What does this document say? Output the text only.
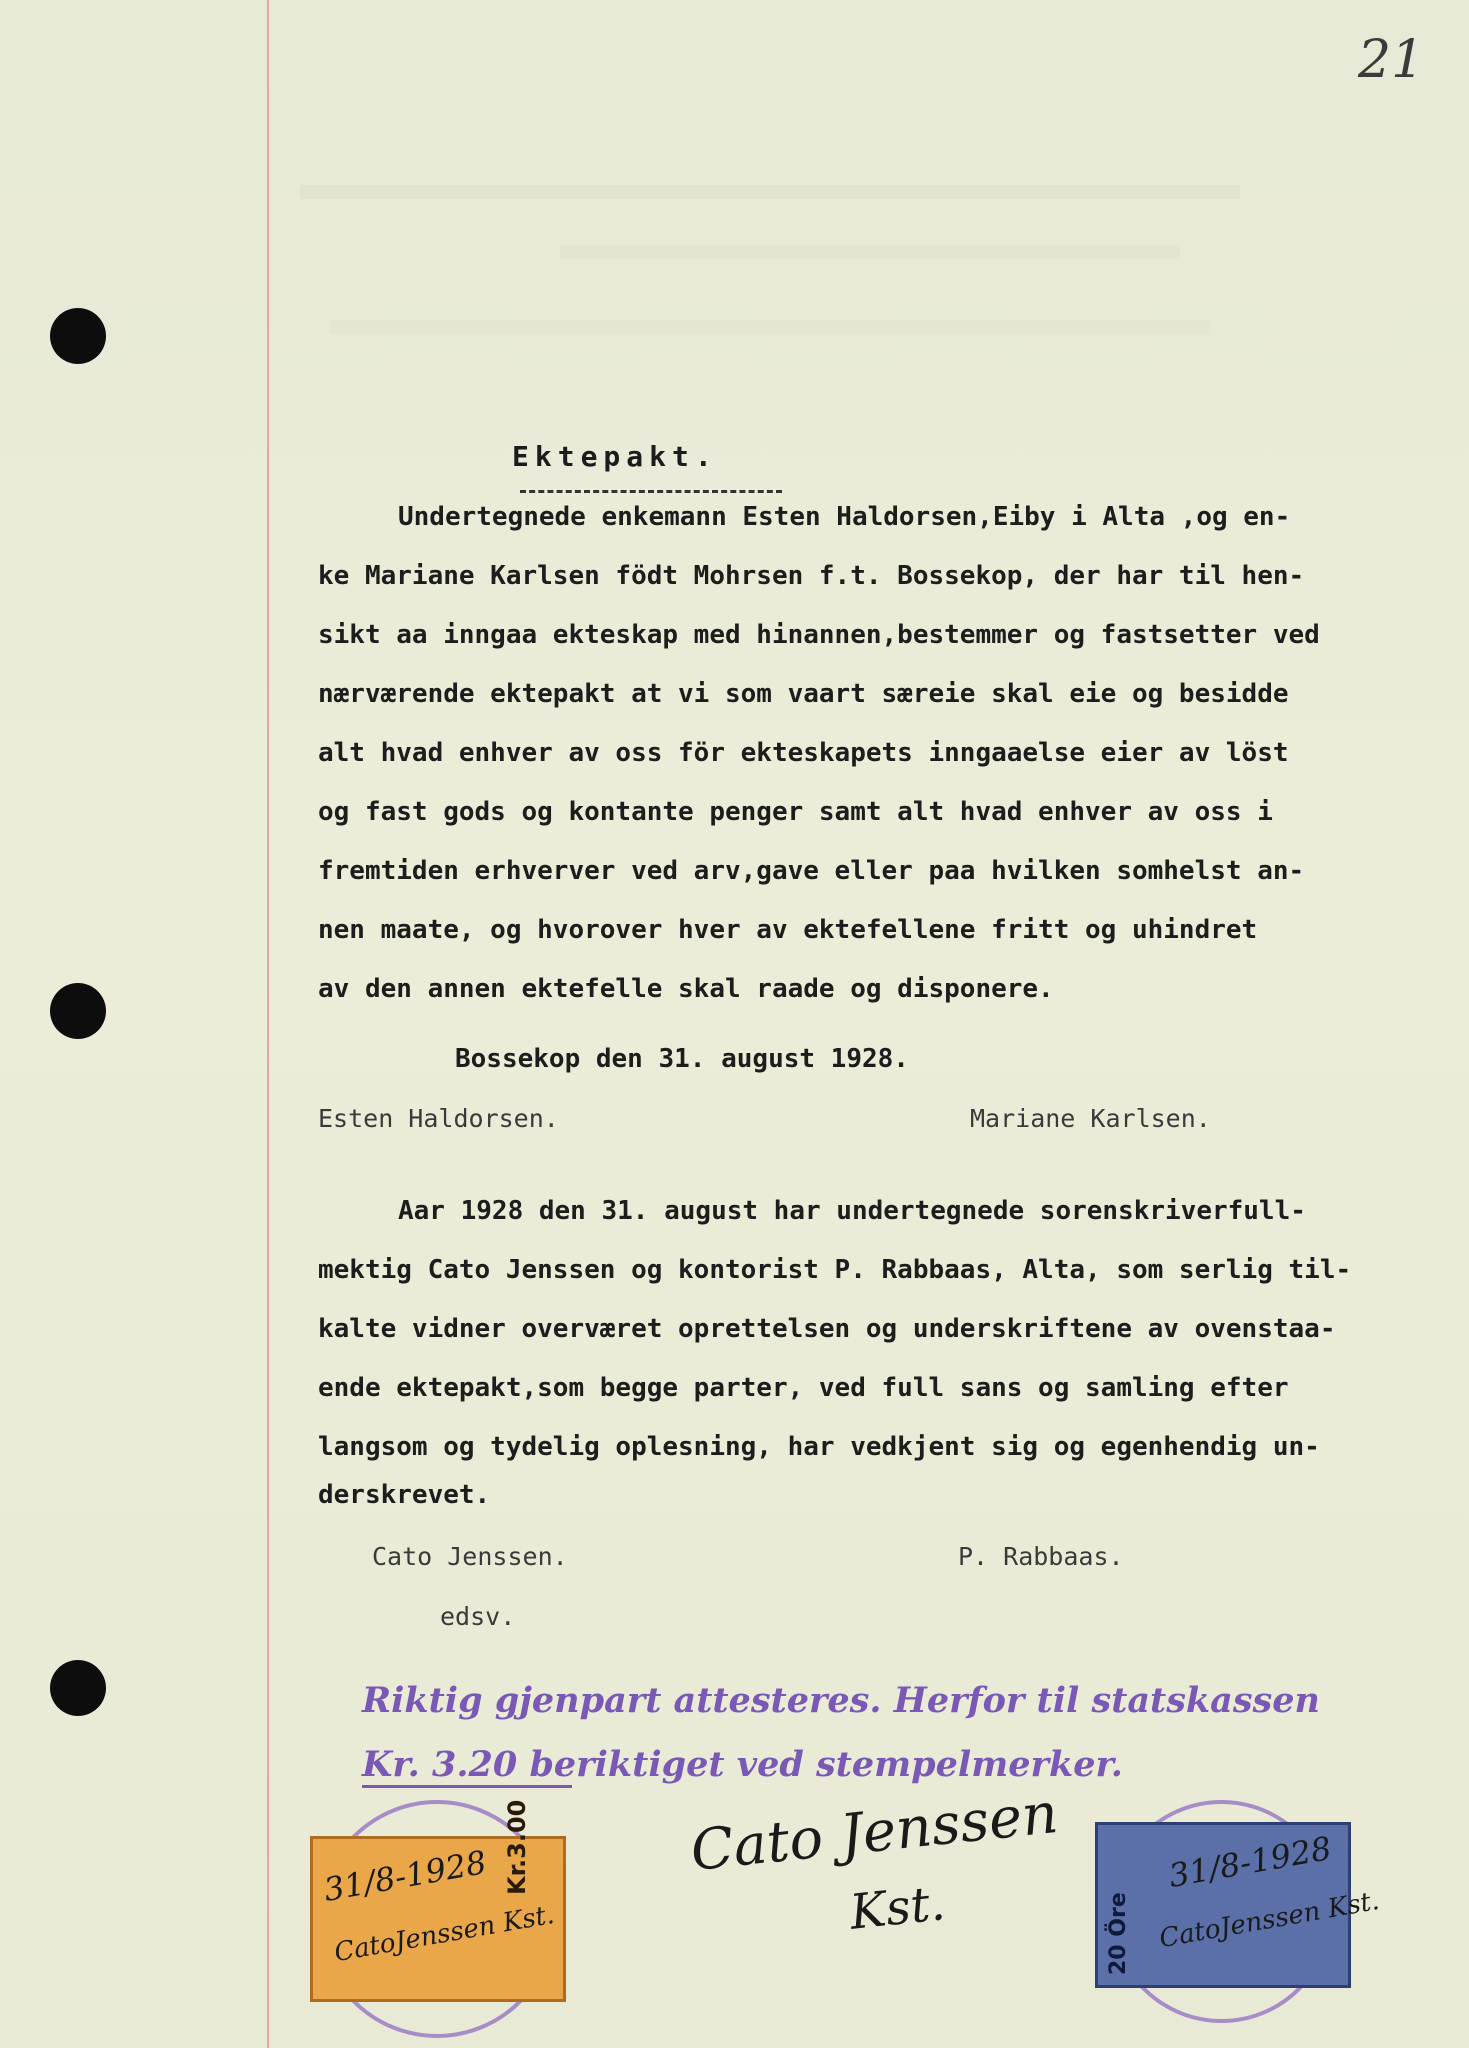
21
Ektepakt.
Undertegnede enkemann Esten Haldorsen,Eiby i Alta ,og en-
ke Mariane Karlsen födt Mohrsen f.t. Bossekop, der har til hen-
sikt aa inngaa ekteskap med hinannen,bestemmer og fastsetter ved
nærværende ektepakt at vi som vaart særeie skal eie og besidde
alt hvad enhver av oss för ekteskapets inngaaelse eier av löst
og fast gods og kontante penger samt alt hvad enhver av oss i
fremtiden erhverver ved arv,gave eller paa hvilken somhelst an-
nen maate, og hvorover hver av ektefellene fritt og uhindret
av den annen ektefelle skal raade og disponere.
Bossekop den 31. august 1928.
Esten Haldorsen.	Mariane Karlsen.
Aar 1928 den 31. august har undertegnede sorenskriverfull-
mektig Cato Jenssen og kontorist P. Rabbaas, Alta, som serlig til-
kalte vidner overværet oprettelsen og underskriftene av ovenstaa-
ende ektepakt,som begge parter, ved full sans og samling efter
langsom og tydelig oplesning, har vedkjent sig og egenhendig un-
derskrevet.
Cato Jenssen.	P. Rabbaas.
edsv.
Riktig gjenpart attesteres. Herfor til statskassen
Kr. 3.20 beriktiget ved stempelmerker.
Cato Jenssen
Kst.
Kr.3.00
31/8-1928
CatoJenssen Kst.	20 Öre
31/8-1928
CatoJenssen Kst.
